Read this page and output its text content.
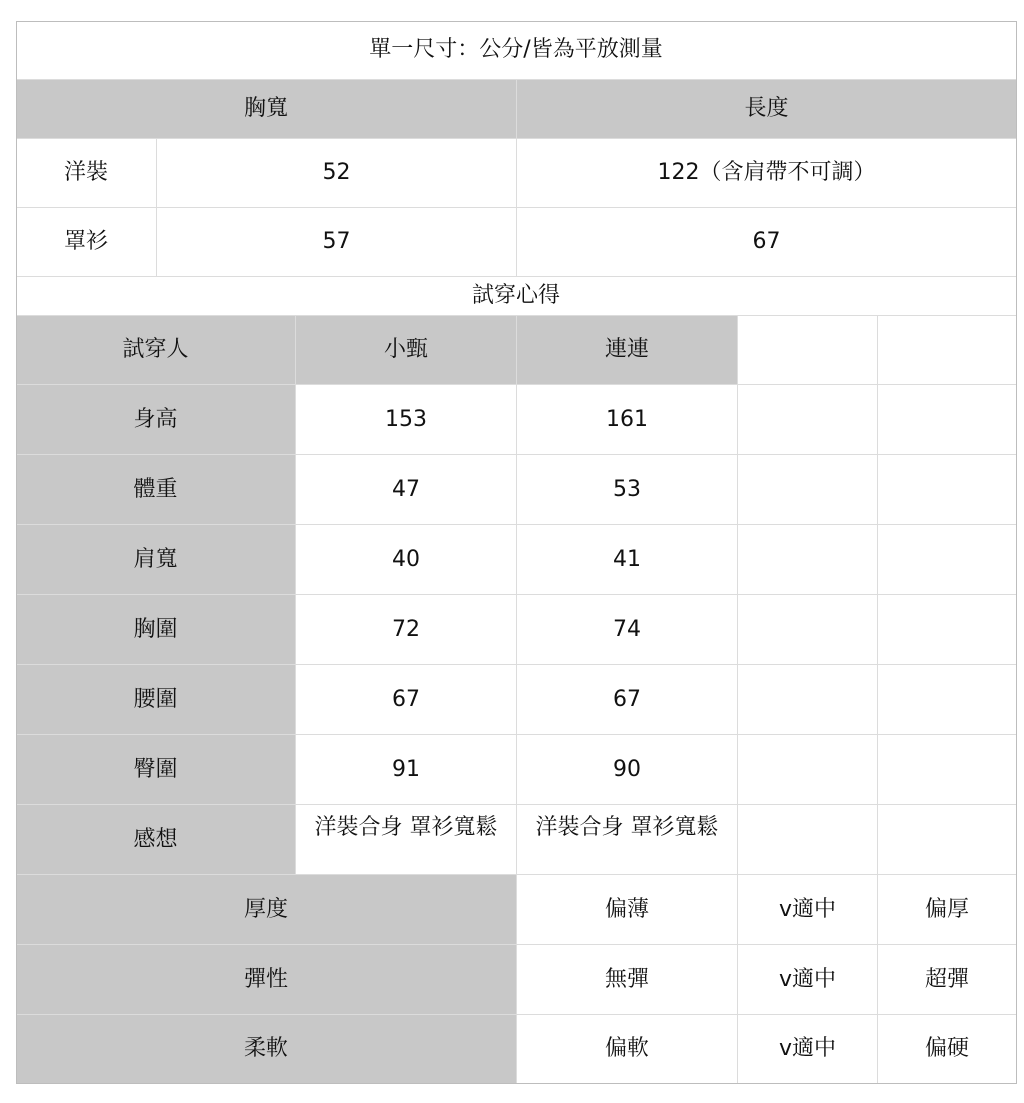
單一尺寸：公分/皆為平放測量
胸寬	長度
洋裝	52	122（含肩帶不可調）
罩衫	57	67
試穿心得
試穿人	小甄	連連
身高	153	161
體重	47	53
肩寬	40	41
胸圍	72	74
腰圍	67	67
臀圍	91	90
感想	洋裝合身 罩衫寬鬆	洋裝合身 罩衫寬鬆
厚度	偏薄	v適中	偏厚
彈性	無彈	v適中	超彈
柔軟	偏軟	v適中	偏硬
